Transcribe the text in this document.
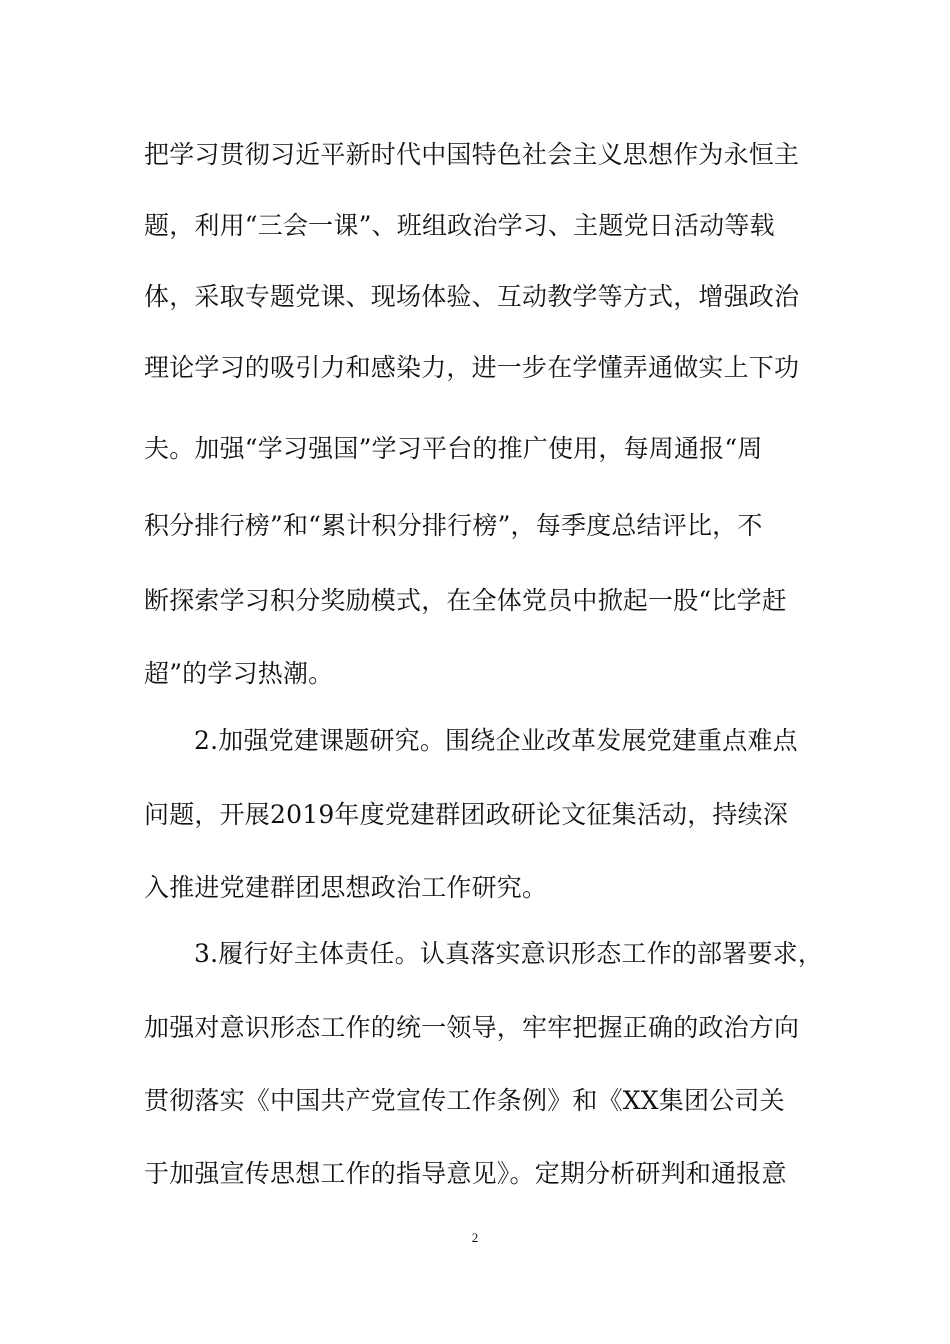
把学习贯彻习近平新时代中国特色社会主义思想作为永恒主
题，利用“三会一课”、班组政治学习、主题党日活动等载
体，采取专题党课、现场体验、互动教学等方式，增强政治
理论学习的吸引力和感染力，进一步在学懂弄通做实上下功
夫。加强“学习强国”学习平台的推广使用，每周通报“周
积分排行榜”和“累计积分排行榜”，每季度总结评比，不
断探索学习积分奖励模式，在全体党员中掀起一股“比学赶
超”的学习热潮。
2.加强党建课题研究。围绕企业改革发展党建重点难点
问题，开展2019年度党建群团政研论文征集活动，持续深
入推进党建群团思想政治工作研究。
3.履行好主体责任。认真落实意识形态工作的部署要求，
加强对意识形态工作的统一领导，牢牢把握正确的政治方向
贯彻落实《中国共产党宣传工作条例》和《XX集团公司关
于加强宣传思想工作的指导意见》。定期分析研判和通报意
2
